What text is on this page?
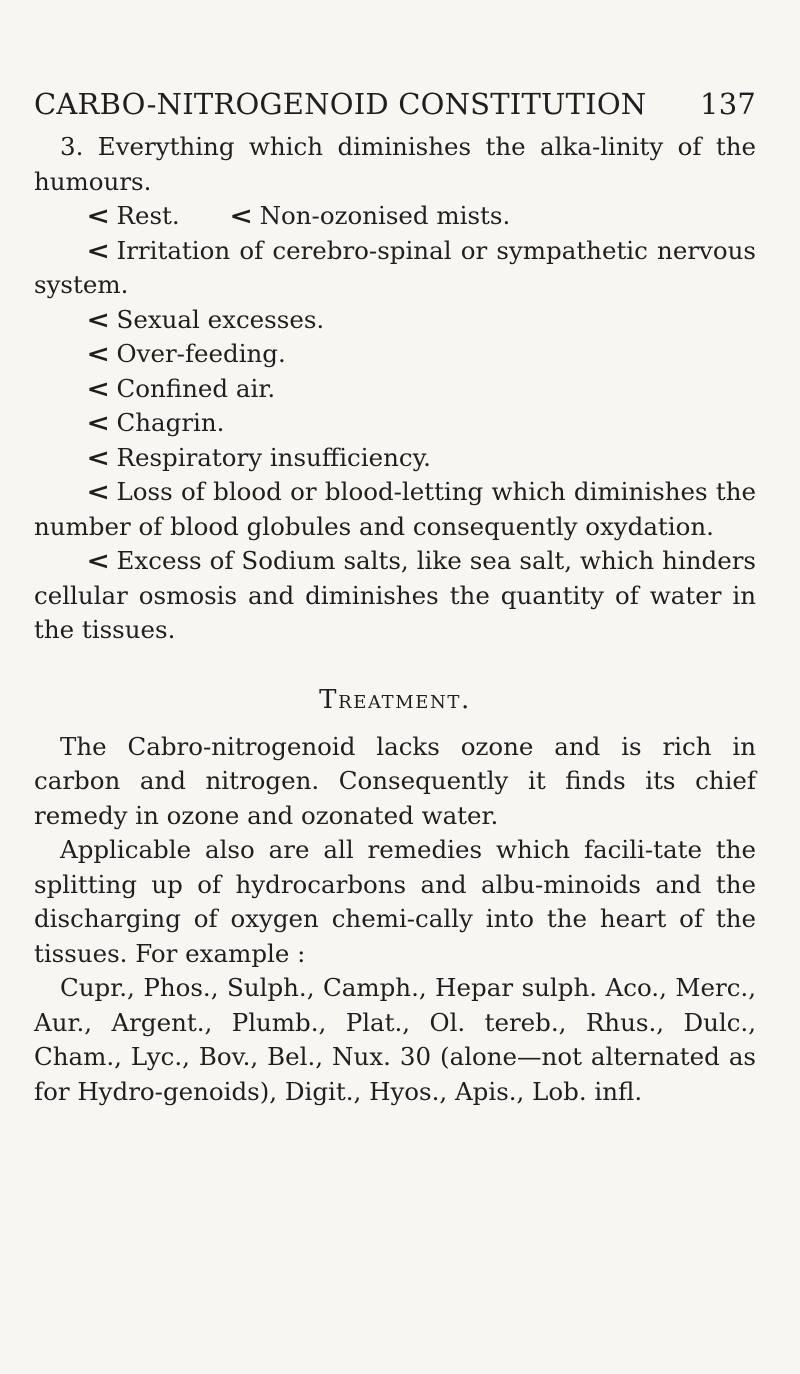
CARBO-NITROGENOID CONSTITUTION 137

3. Everything which diminishes the alka-linity of the humours.

< Rest. < Non-ozonised mists.

< Irritation of cerebro-spinal or sympathetic nervous system.

< Sexual excesses.

< Over-feeding.

< Confined air.

< Chagrin.

< Respiratory insufficiency.

< Loss of blood or blood-letting which diminishes the number of blood globules and consequently oxydation.

< Excess of Sodium salts, like sea salt, which hinders cellular osmosis and diminishes the quantity of water in the tissues.

Treatment.

The Cabro-nitrogenoid lacks ozone and is rich in carbon and nitrogen. Consequently it finds its chief remedy in ozone and ozonated water.

Applicable also are all remedies which facili-tate the splitting up of hydrocarbons and albu-minoids and the discharging of oxygen chemi-cally into the heart of the tissues. For example :

Cupr., Phos., Sulph., Camph., Hepar sulph. Aco., Merc., Aur., Argent., Plumb., Plat., Ol. tereb., Rhus., Dulc., Cham., Lyc., Bov., Bel., Nux. 30 (alone—not alternated as for Hydro-genoids), Digit., Hyos., Apis., Lob. infl.
